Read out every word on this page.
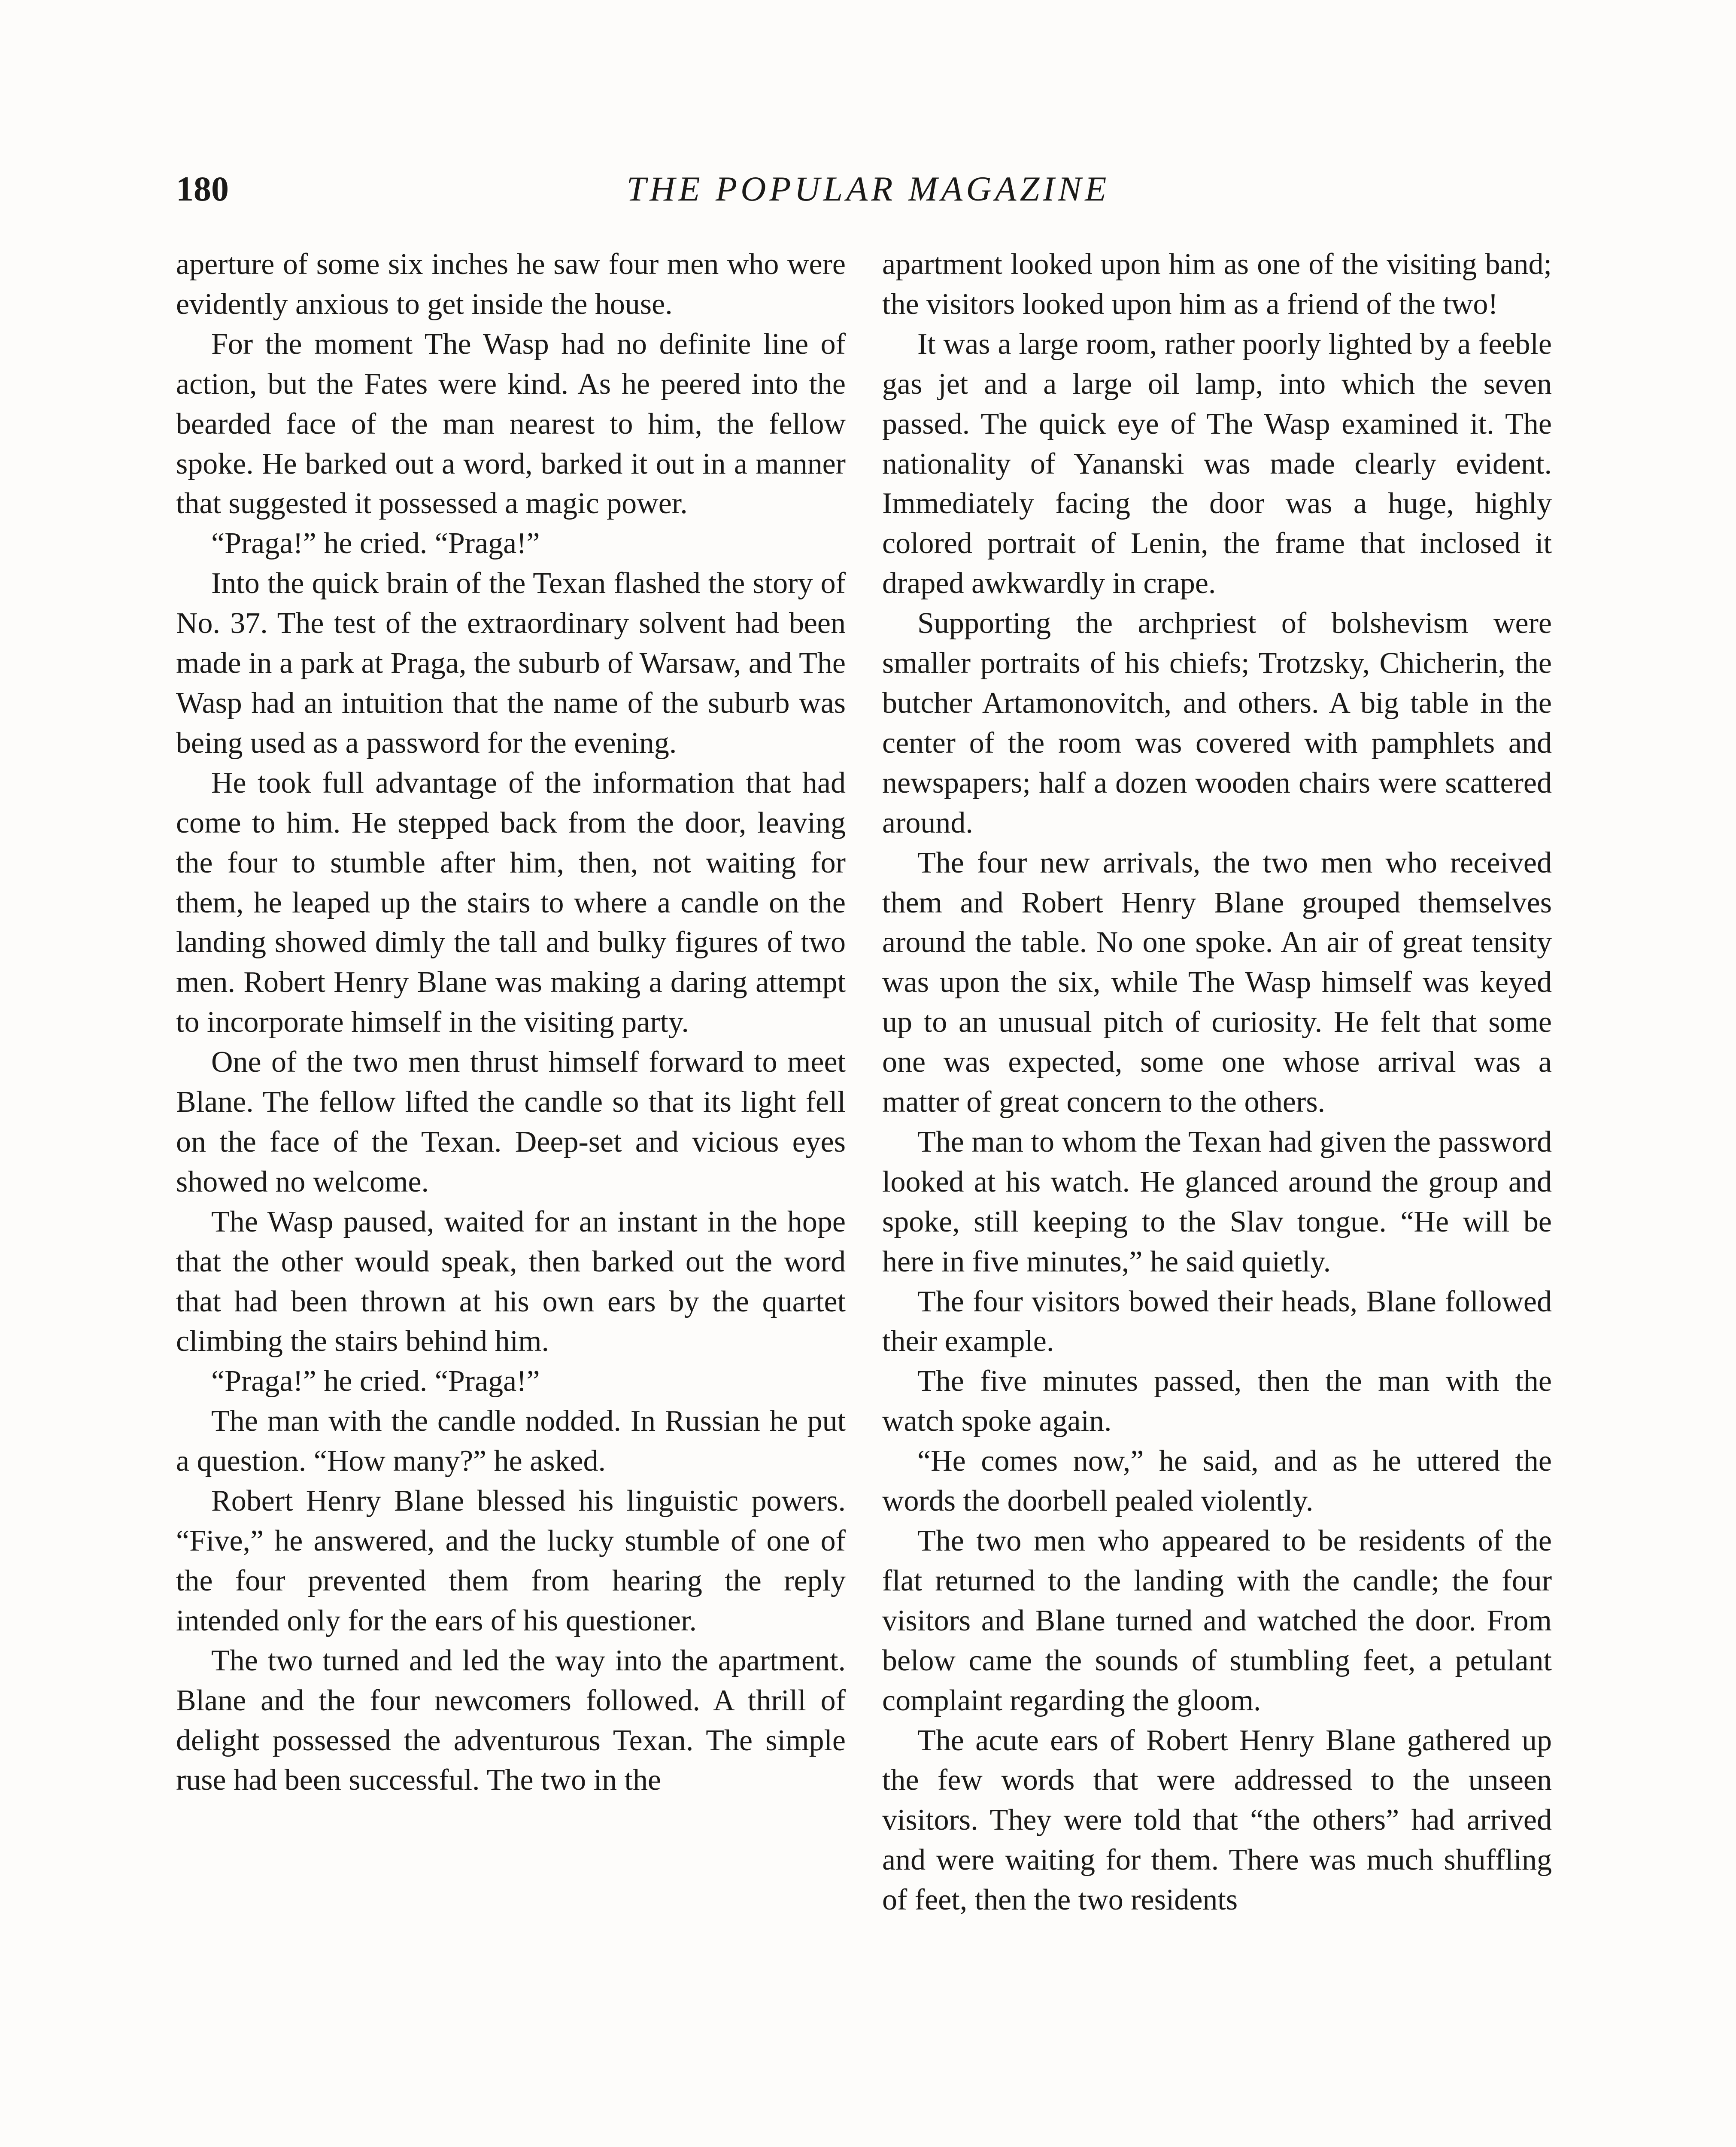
180	THE POPULAR MAGAZINE

aperture of some six inches he saw four men who were evidently anxious to get inside the house.

For the moment The Wasp had no definite line of action, but the Fates were kind. As he peered into the bearded face of the man nearest to him, the fellow spoke. He barked out a word, barked it out in a manner that suggested it possessed a magic power.

“Praga!” he cried. “Praga!”

Into the quick brain of the Texan flashed the story of No. 37. The test of the extraordinary solvent had been made in a park at Praga, the suburb of Warsaw, and The Wasp had an intuition that the name of the suburb was being used as a password for the evening.

He took full advantage of the information that had come to him. He stepped back from the door, leaving the four to stumble after him, then, not waiting for them, he leaped up the stairs to where a candle on the landing showed dimly the tall and bulky figures of two men. Robert Henry Blane was making a daring attempt to incorporate himself in the visiting party.

One of the two men thrust himself forward to meet Blane. The fellow lifted the candle so that its light fell on the face of the Texan. Deep-set and vicious eyes showed no welcome.

The Wasp paused, waited for an instant in the hope that the other would speak, then barked out the word that had been thrown at his own ears by the quartet climbing the stairs behind him.

“Praga!” he cried. “Praga!”

The man with the candle nodded. In Russian he put a question. “How many?” he asked.

Robert Henry Blane blessed his linguistic powers. “Five,” he answered, and the lucky stumble of one of the four prevented them from hearing the reply intended only for the ears of his questioner.

The two turned and led the way into the apartment. Blane and the four newcomers followed. A thrill of delight possessed the adventurous Texan. The simple ruse had been successful. The two in the

apartment looked upon him as one of the visiting band; the visitors looked upon him as a friend of the two!

It was a large room, rather poorly lighted by a feeble gas jet and a large oil lamp, into which the seven passed. The quick eye of The Wasp examined it. The nationality of Yananski was made clearly evident. Immediately facing the door was a huge, highly colored portrait of Lenin, the frame that inclosed it draped awkwardly in crape.

Supporting the archpriest of bolshevism were smaller portraits of his chiefs; Trotzsky, Chicherin, the butcher Artamonovitch, and others. A big table in the center of the room was covered with pamphlets and newspapers; half a dozen wooden chairs were scattered around.

The four new arrivals, the two men who received them and Robert Henry Blane grouped themselves around the table. No one spoke. An air of great tensity was upon the six, while The Wasp himself was keyed up to an unusual pitch of curiosity. He felt that some one was expected, some one whose arrival was a matter of great concern to the others.

The man to whom the Texan had given the password looked at his watch. He glanced around the group and spoke, still keeping to the Slav tongue. “He will be here in five minutes,” he said quietly.

The four visitors bowed their heads, Blane followed their example.

The five minutes passed, then the man with the watch spoke again.

“He comes now,” he said, and as he uttered the words the doorbell pealed violently.

The two men who appeared to be residents of the flat returned to the landing with the candle; the four visitors and Blane turned and watched the door. From below came the sounds of stumbling feet, a petulant complaint regarding the gloom.

The acute ears of Robert Henry Blane gathered up the few words that were addressed to the unseen visitors. They were told that “the others” had arrived and were waiting for them. There was much shuffling of feet, then the two residents
